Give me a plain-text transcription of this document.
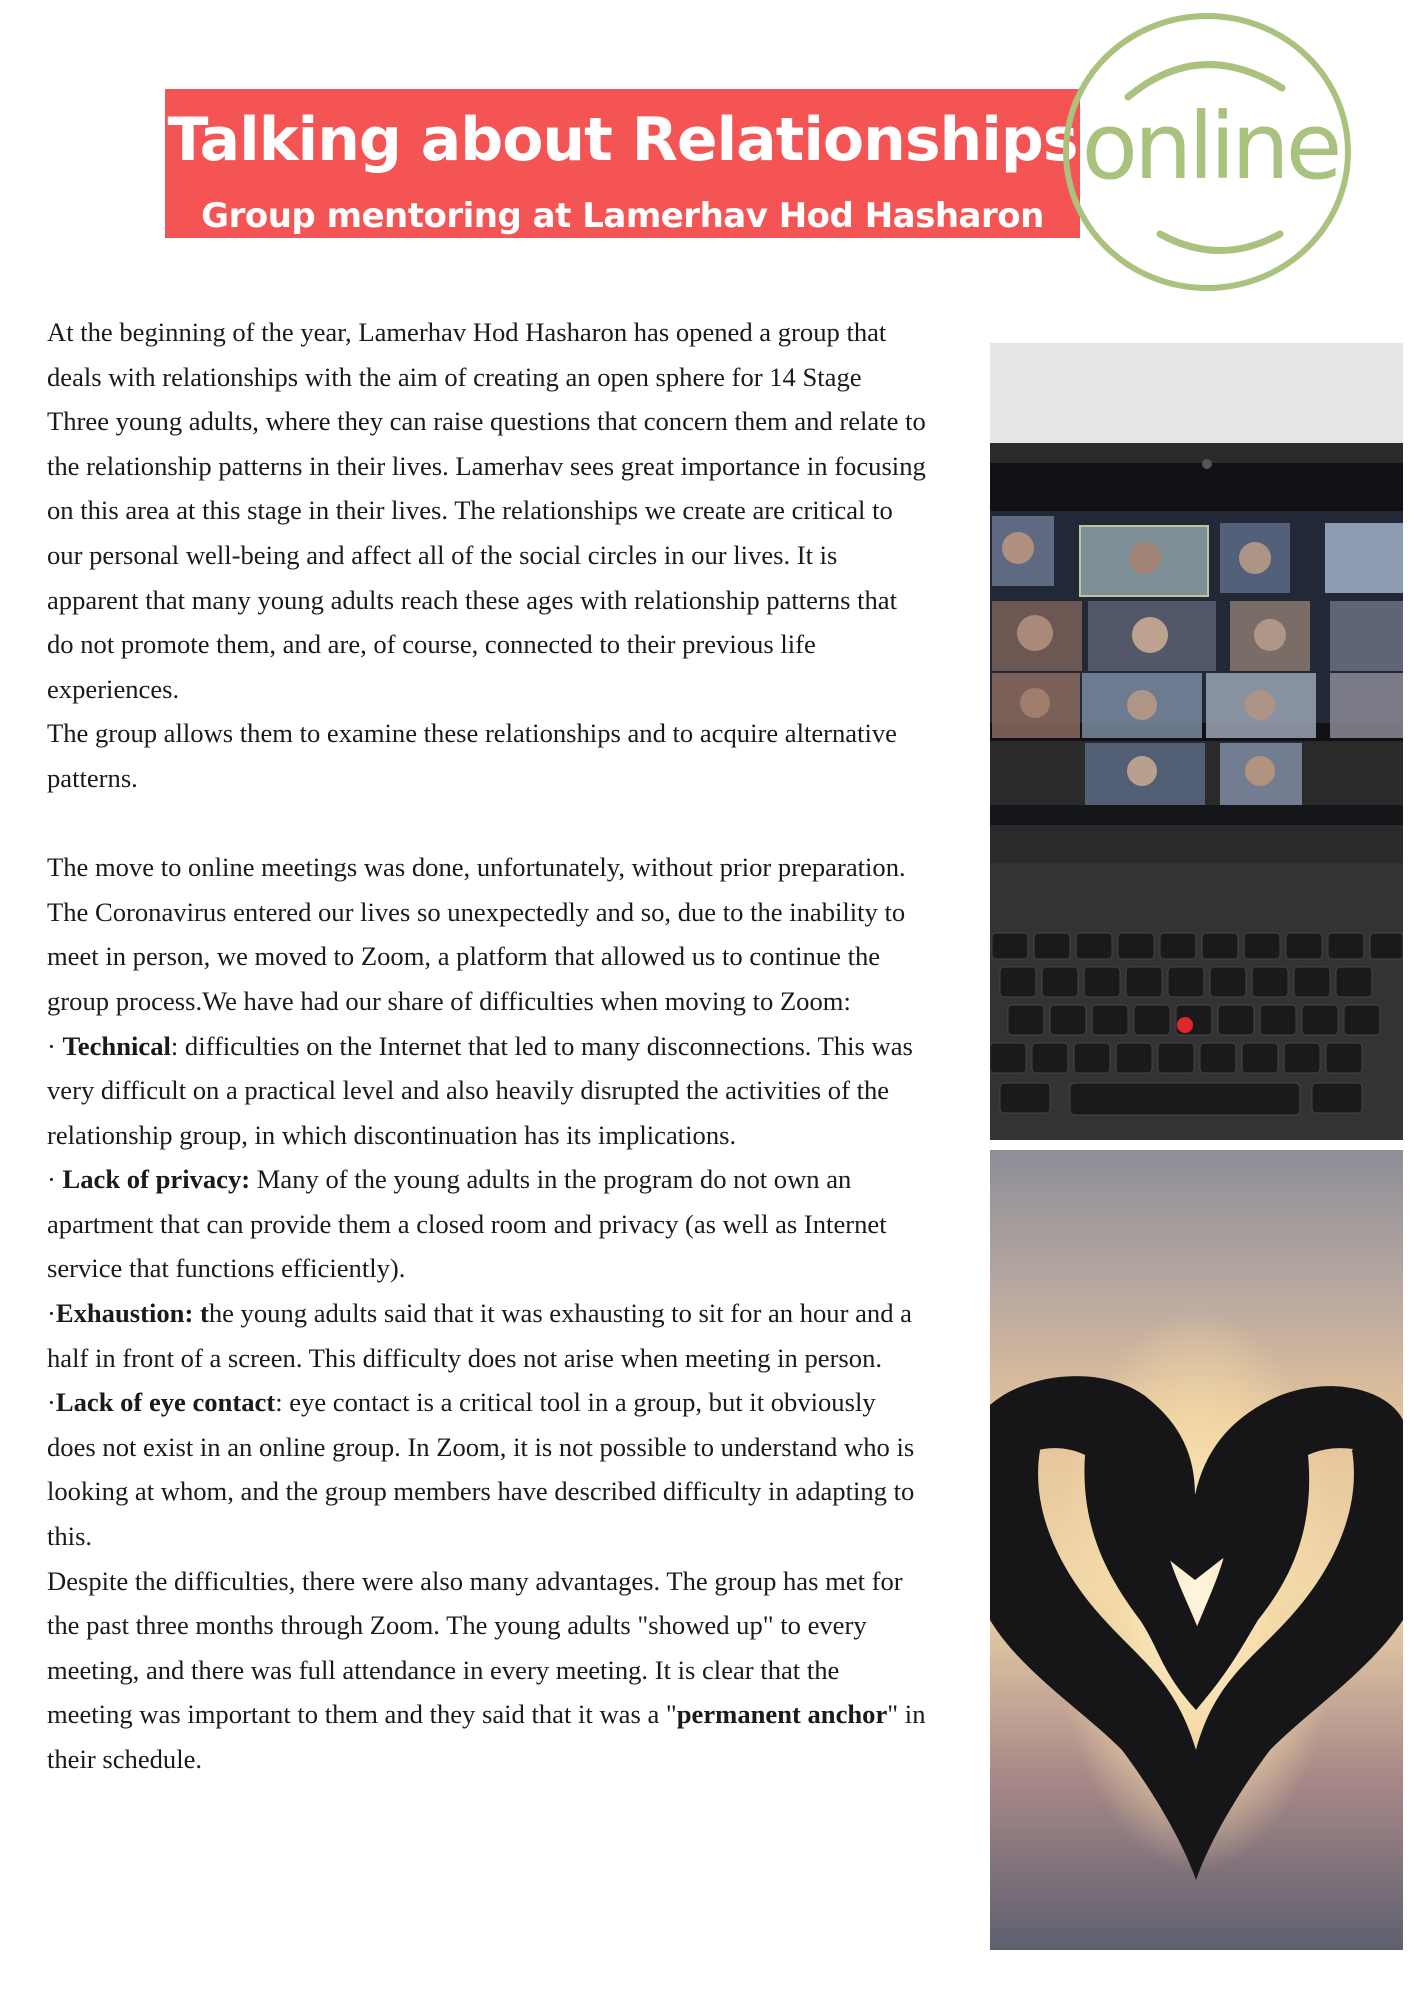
Talking about Relationships
Group mentoring at Lamerhav Hod Hasharon
online

At the beginning of the year, Lamerhav Hod Hasharon has opened a group that deals with relationships with the aim of creating an open sphere for 14 Stage Three young adults, where they can raise questions that concern them and relate to the relationship patterns in their lives. Lamerhav sees great importance in focusing on this area at this stage in their lives. The relationships we create are critical to our personal well-being and affect all of the social circles in our lives. It is apparent that many young adults reach these ages with relationship patterns that do not promote them, and are, of course, connected to their previous life experiences.

The group allows them to examine these relationships and to acquire alternative patterns.

The move to online meetings was done, unfortunately, without prior preparation. The Coronavirus entered our lives so unexpectedly and so, due to the inability to meet in person, we moved to Zoom, a platform that allowed us to continue the group process.We have had our share of difficulties when moving to Zoom:

· Technical: difficulties on the Internet that led to many disconnections. This was very difficult on a practical level and also heavily disrupted the activities of the relationship group, in which discontinuation has its implications.

· Lack of privacy: Many of the young adults in the program do not own an apartment that can provide them a closed room and privacy (as well as Internet service that functions efficiently).

·Exhaustion: the young adults said that it was exhausting to sit for an hour and a half in front of a screen. This difficulty does not arise when meeting in person.

·Lack of eye contact: eye contact is a critical tool in a group, but it obviously does not exist in an online group. In Zoom, it is not possible to understand who is looking at whom, and the group members have described difficulty in adapting to this.

Despite the difficulties, there were also many advantages. The group has met for the past three months through Zoom. The young adults "showed up" to every meeting, and there was full attendance in every meeting. It is clear that the meeting was important to them and they said that it was a "permanent anchor" in their schedule.
